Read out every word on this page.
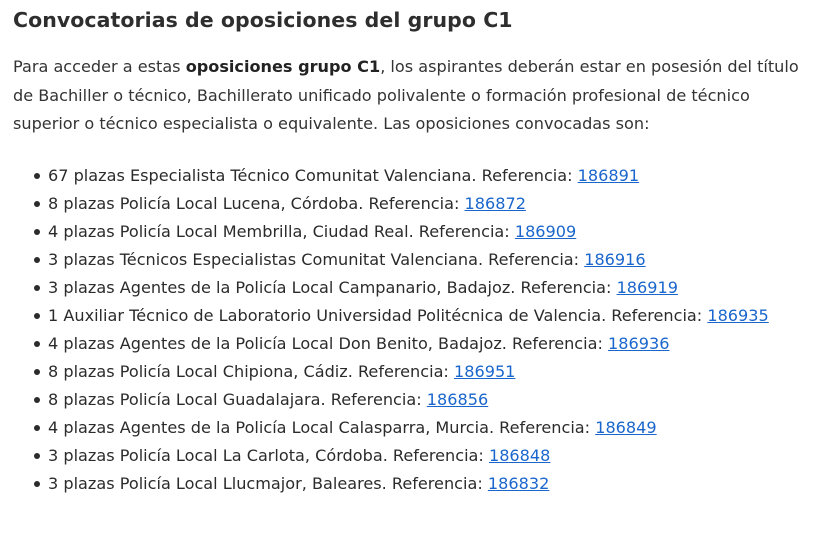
Convocatorias de oposiciones del grupo C1

Para acceder a estas oposiciones grupo C1, los aspirantes deberán estar en posesión del título de Bachiller o técnico, Bachillerato unificado polivalente o formación profesional de técnico superior o técnico especialista o equivalente. Las oposiciones convocadas son:

67 plazas Especialista Técnico Comunitat Valenciana. Referencia: 186891
8 plazas Policía Local Lucena, Córdoba. Referencia: 186872
4 plazas Policía Local Membrilla, Ciudad Real. Referencia: 186909
3 plazas Técnicos Especialistas Comunitat Valenciana. Referencia: 186916
3 plazas Agentes de la Policía Local Campanario, Badajoz. Referencia: 186919
1 Auxiliar Técnico de Laboratorio Universidad Politécnica de Valencia. Referencia: 186935
4 plazas Agentes de la Policía Local Don Benito, Badajoz. Referencia: 186936
8 plazas Policía Local Chipiona, Cádiz. Referencia: 186951
8 plazas Policía Local Guadalajara. Referencia: 186856
4 plazas Agentes de la Policía Local Calasparra, Murcia. Referencia: 186849
3 plazas Policía Local La Carlota, Córdoba. Referencia: 186848
3 plazas Policía Local Llucmajor, Baleares. Referencia: 186832
